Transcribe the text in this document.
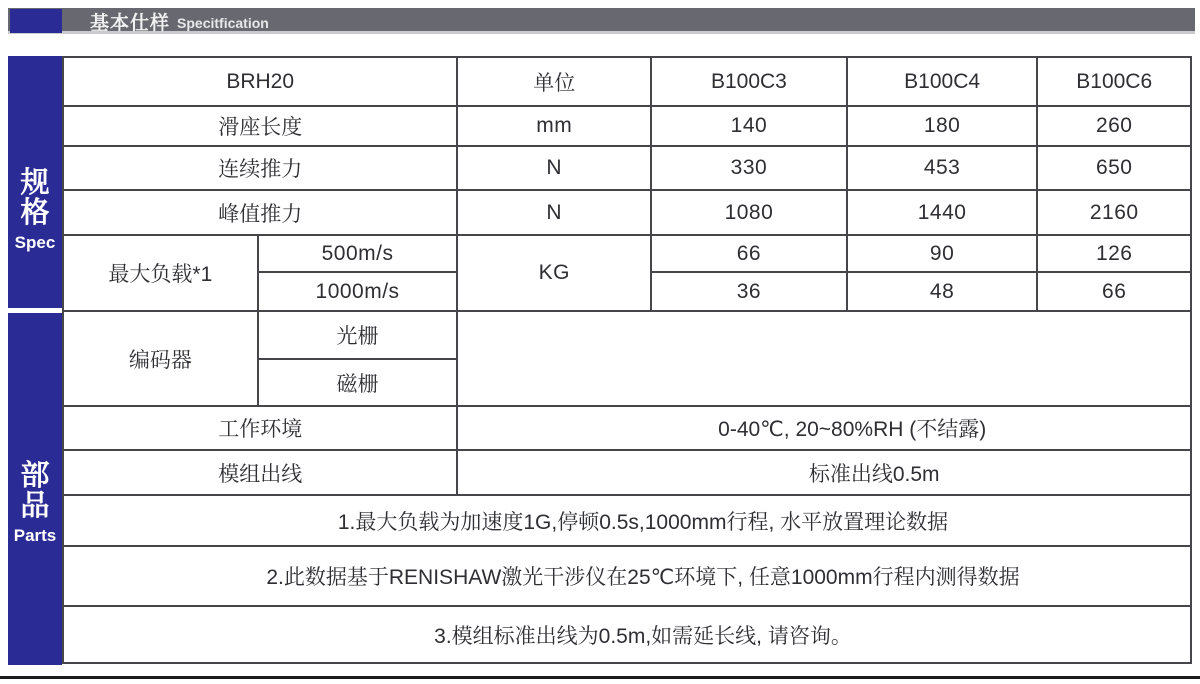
基本仕样 Specitfication
规
格
Spec
部
品
Parts
BRH20		单位	B100C3	B100C4	B100C6
滑座长度		mm	140	180	260
连续推力		N	330	453	650
峰值推力		N	1080	1440	2160
最大负载*1	500m/s	KG	66	90	126
	1000m/s		36	48	66
编码器	光栅				
	磁栅				
工作环境		0-40℃, 20~80%RH (不结露)			
模组出线		标准出线0.5m			
1.最大负载为加速度1G,停顿0.5s,1000mm行程, 水平放置理论数据					
2.此数据基于RENISHAW激光干涉仪在25℃环境下, 任意1000mm行程内测得数据					
3.模组标准出线为0.5m,如需延长线, 请咨询。					
